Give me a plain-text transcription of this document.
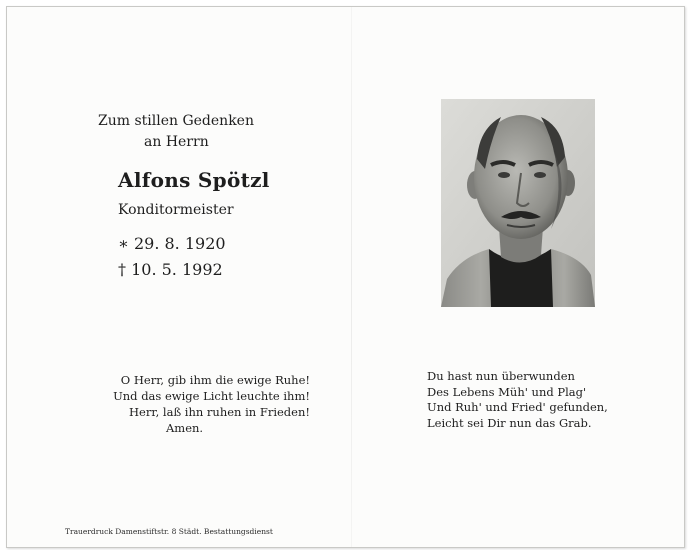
Zum stillen Gedenken
an Herrn
Alfons Spötzl
Konditormeister
∗ 29. 8. 1920
† 10. 5. 1992
O Herr, gib ihm die ewige Ruhe!
Und das ewige Licht leuchte ihm!
Herr, laß ihn ruhen in Frieden!
Amen.
Du hast nun überwunden
Des Lebens Müh' und Plag'
Und Ruh' und Fried' gefunden,
Leicht sei Dir nun das Grab.
Trauerdruck Damenstiftstr. 8 Städt. Bestattungsdienst
